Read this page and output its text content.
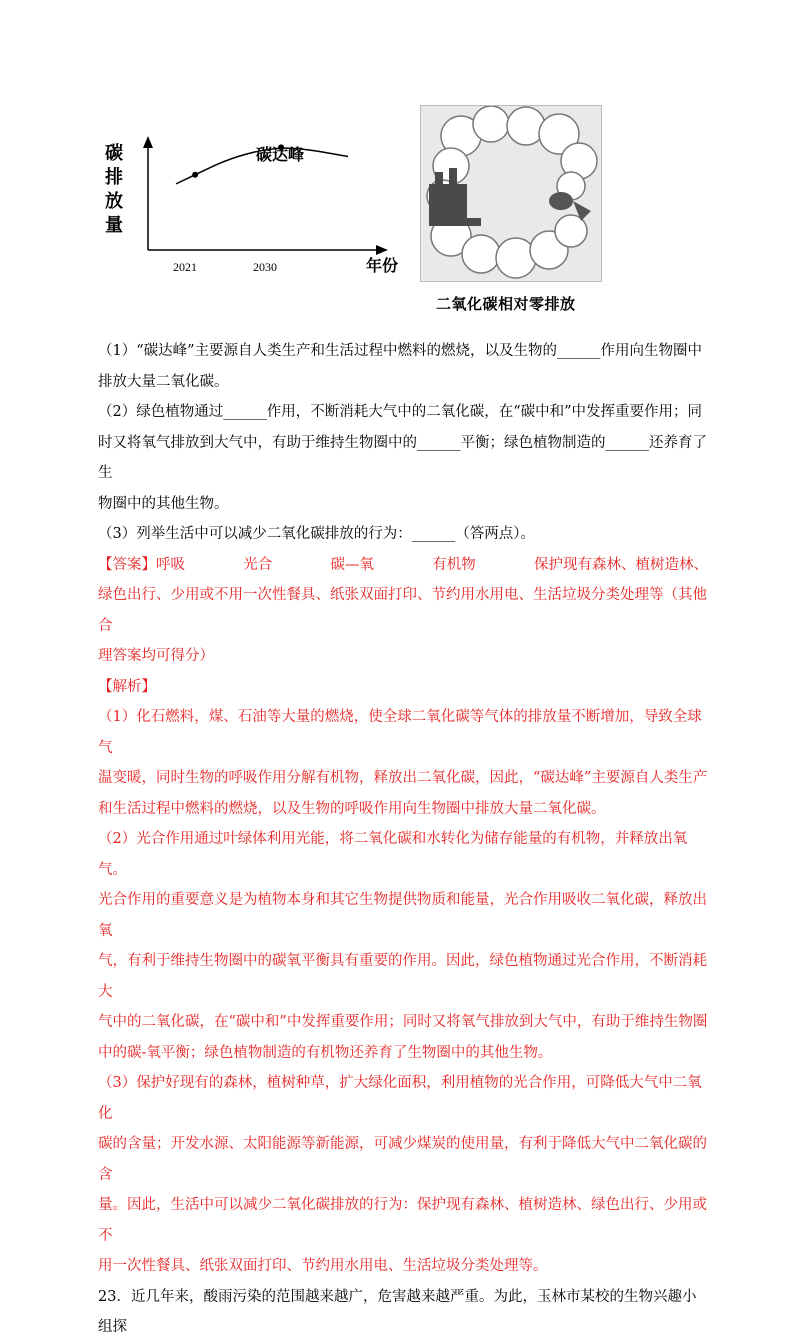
碳排放量
碳达峰
2021	2030	年份
二氧化碳相对零排放

（1）“碳达峰”主要源自人类生产和生活过程中燃料的燃烧，以及生物的______作用向生物圈中

排放大量二氧化碳。

（2）绿色植物通过______作用，不断消耗大气中的二氧化碳，在“碳中和”中发挥重要作用；同

时又将氧气排放到大气中，有助于维持生物圈中的______平衡；绿色植物制造的______还养育了生

物圈中的其他生物。

（3）列举生活中可以减少二氧化碳排放的行为：______（答两点）。

【答案】呼吸	光合	碳—氧	有机物	保护现有森林、植树造林、

绿色出行、少用或不用一次性餐具、纸张双面打印、节约用水用电、生活垃圾分类处理等（其他合

理答案均可得分）

【解析】

（1）化石燃料，煤、石油等大量的燃烧，使全球二氧化碳等气体的排放量不断增加，导致全球气

温变暖，同时生物的呼吸作用分解有机物，释放出二氧化碳，因此，“碳达峰”主要源自人类生产

和生活过程中燃料的燃烧，以及生物的呼吸作用向生物圈中排放大量二氧化碳。

（2）光合作用通过叶绿体利用光能，将二氧化碳和水转化为储存能量的有机物，并释放出氧气。

光合作用的重要意义是为植物本身和其它生物提供物质和能量，光合作用吸收二氧化碳，释放出氧

气，有利于维持生物圈中的碳氧平衡具有重要的作用。因此，绿色植物通过光合作用，不断消耗大

气中的二氧化碳，在“碳中和”中发挥重要作用；同时又将氧气排放到大气中，有助于维持生物圈

中的碳-氧平衡；绿色植物制造的有机物还养育了生物圈中的其他生物。

（3）保护好现有的森林，植树种草，扩大绿化面积，利用植物的光合作用，可降低大气中二氧化

碳的含量；开发水源、太阳能源等新能源，可减少煤炭的使用量，有利于降低大气中二氧化碳的含

量。因此，生活中可以减少二氧化碳排放的行为：保护现有森林、植树造林、绿色出行、少用或不

用一次性餐具、纸张双面打印、节约用水用电、生活垃圾分类处理等。

23．近几年来，酸雨污染的范围越来越广，危害越来越严重。为此，玉林市某校的生物兴趣小组探
